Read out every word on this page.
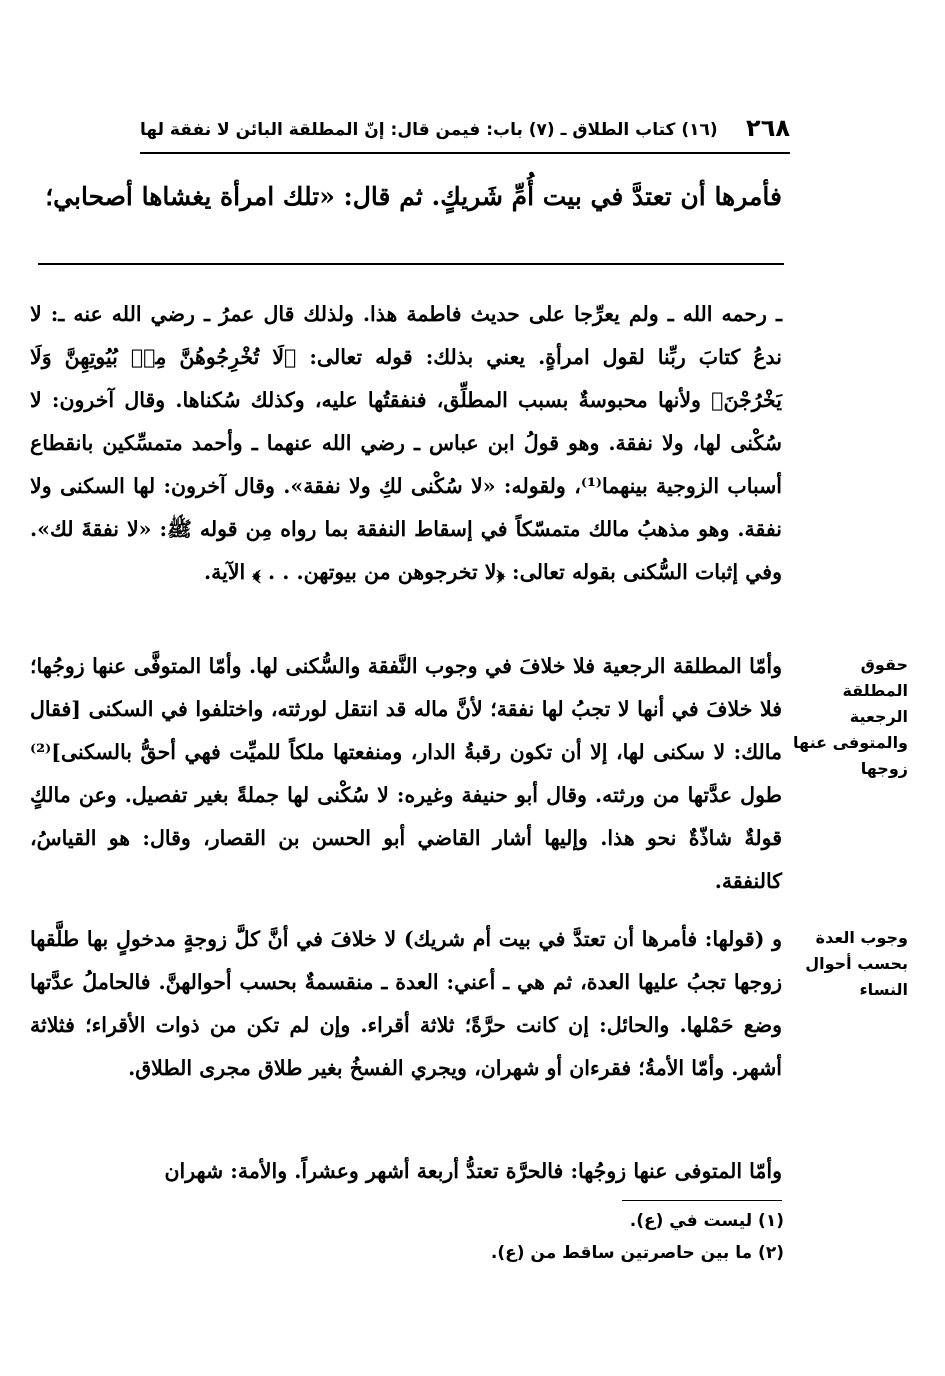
٢٦٨
(١٦) كتاب الطلاق ـ (٧) باب: فيمن قال: إنّ المطلقة البائن لا نفقة لها
فأمرها أن تعتدَّ في بيت أُمِّ شَريكٍ. ثم قال: «تلك امرأة يغشاها أصحابي؛

ـ رحمه الله ـ ولم يعرِّجا على حديث فاطمة هذا. ولذلك قال عمرُ ـ رضي الله عنه ـ: لا ندعُ كتابَ ربِّنا لقول امرأةٍ. يعني بذلك: قوله تعالى: ﴿لَا تُخْرِجُوهُنَّ مِنۢ بُيُوتِهِنَّ وَلَا يَخْرُجْنَ﴾ ولأنها محبوسةٌ بسبب المطلِّق، فنفقتُها عليه، وكذلك سُكناها. وقال آخرون: لا سُكْنى لها، ولا نفقة. وهو قولُ ابن عباس ـ رضي الله عنهما ـ وأحمد متمسِّكين بانقطاع أسباب الزوجية بينهما⁽¹⁾، ولقوله: «لا سُكْنى لكِ ولا نفقة». وقال آخرون: لها السكنى ولا نفقة. وهو مذهبُ مالك متمسّكاً في إسقاط النفقة بما رواه مِن قوله ﷺ: «لا نفقةَ لك». وفي إثبات السُّكنى بقوله تعالى: ﴿لا تخرجوهن من بيوتهن. . . ﴾ الآية.

حقوق المطلقة الرجعية والمتوفى عنها زوجها

وأمّا المطلقة الرجعية فلا خلافَ في وجوب النَّفقة والسُّكنى لها. وأمّا المتوفَّى عنها زوجُها؛ فلا خلافَ في أنها لا تجبُ لها نفقة؛ لأنَّ ماله قد انتقل لورثته، واختلفوا في السكنى [فقال مالك: لا سكنى لها، إلا أن تكون رقبةُ الدار، ومنفعتها ملكاً للميِّت فهي أحقُّ بالسكنى]⁽²⁾ طول عدَّتها من ورثته. وقال أبو حنيفة وغيره: لا سُكْنى لها جملةً بغير تفصيل. وعن مالكٍ قولةٌ شاذّةٌ نحو هذا. وإليها أشار القاضي أبو الحسن بن القصار، وقال: هو القياسُ، كالنفقة.

وجوب العدة بحسب أحوال النساء

و (قولها: فأمرها أن تعتدَّ في بيت أم شريك) لا خلافَ في أنَّ كلَّ زوجةٍ مدخولٍ بها طلَّقها زوجها تجبُ عليها العدة، ثم هي ـ أعني: العدة ـ منقسمةٌ بحسب أحوالهنَّ. فالحاملُ عدَّتها وضع حَمْلها. والحائل: إن كانت حرَّةً؛ ثلاثة أقراء. وإن لم تكن من ذوات الأقراء؛ فثلاثة أشهر. وأمّا الأمةُ؛ فقرءان أو شهران، ويجري الفسخُ بغير طلاق مجرى الطلاق.

وأمّا المتوفى عنها زوجُها: فالحرَّة تعتدُّ أربعة أشهر وعشراً. والأمة: شهران

(١) ليست في (ع).
(٢) ما بين حاصرتين ساقط من (ع).
